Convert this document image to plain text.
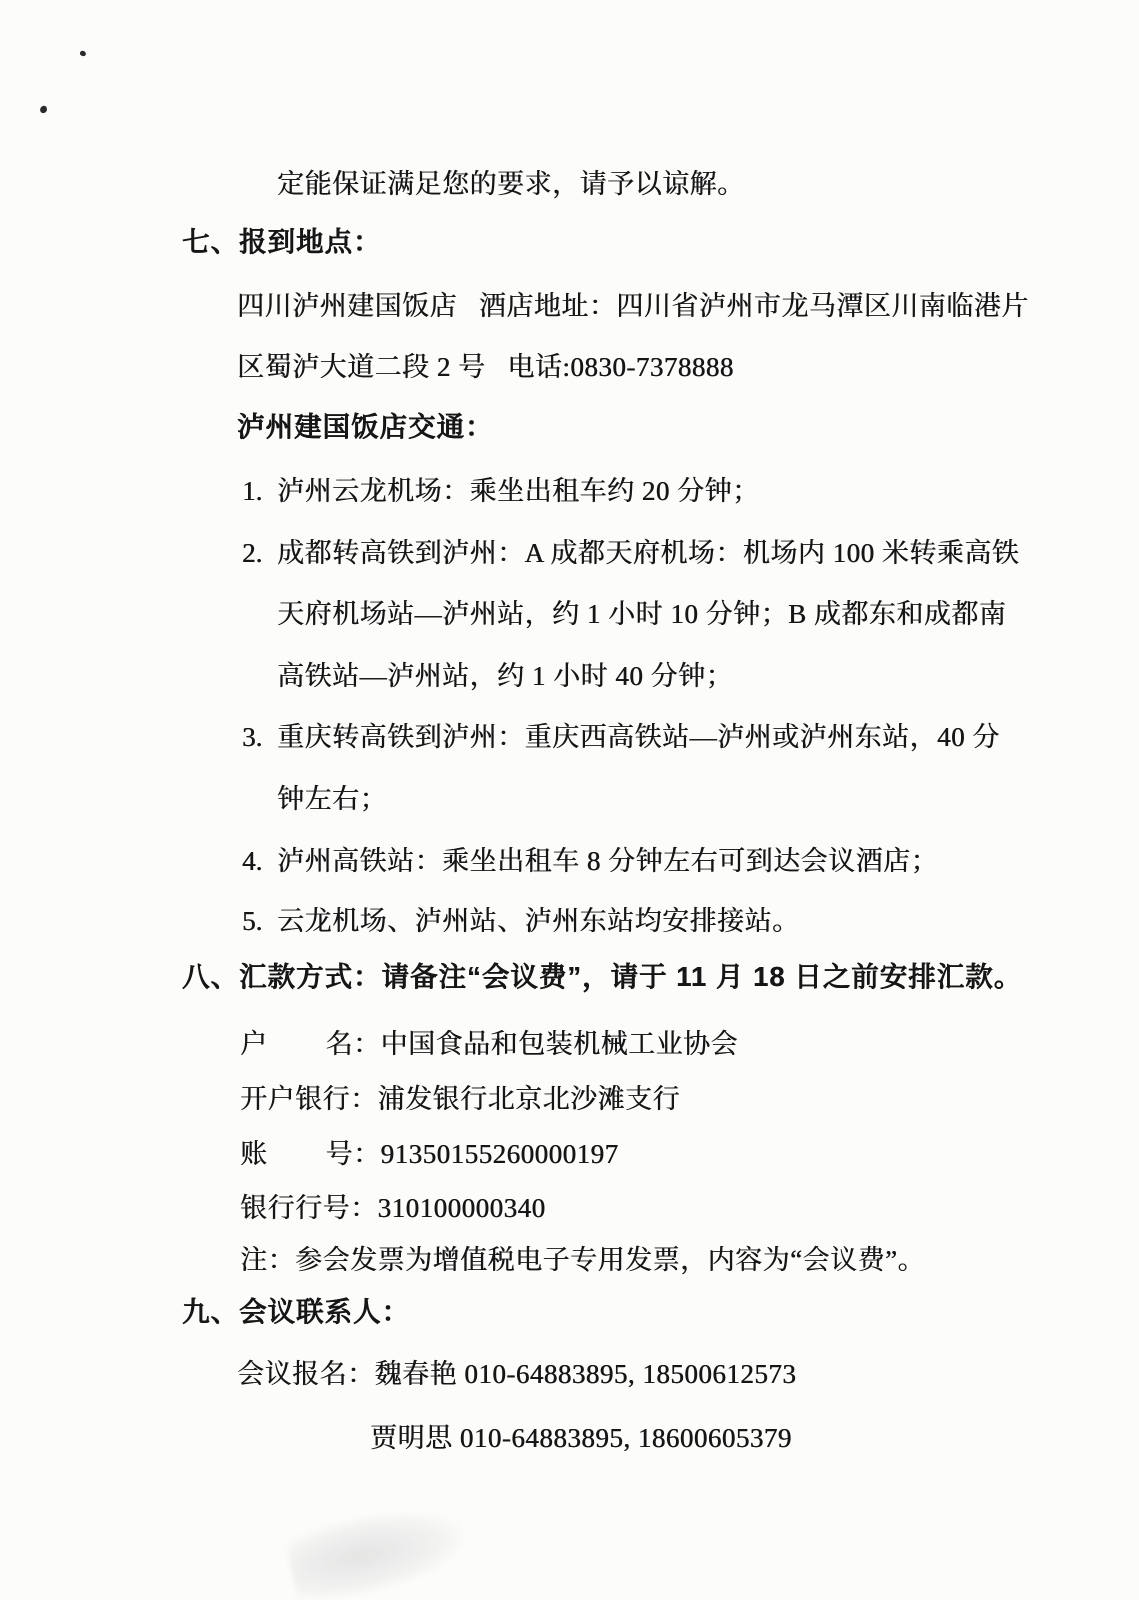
定能保证满足您的要求，请予以谅解。
七、报到地点：
四川泸州建国饭店   酒店地址：四川省泸州市龙马潭区川南临港片
区蜀泸大道二段 2 号   电话:0830-7378888
泸州建国饭店交通：
1. 泸州云龙机场：乘坐出租车约 20 分钟；
2. 成都转高铁到泸州：A 成都天府机场：机场内 100 米转乘高铁
天府机场站—泸州站，约 1 小时 10 分钟；B 成都东和成都南
高铁站—泸州站，约 1 小时 40 分钟；
3. 重庆转高铁到泸州：重庆西高铁站—泸州或泸州东站，40 分
钟左右；
4. 泸州高铁站：乘坐出租车 8 分钟左右可到达会议酒店；
5. 云龙机场、泸州站、泸州东站均安排接站。
八、汇款方式：请备注“会议费”，请于 11 月 18 日之前安排汇款。
户        名：中国食品和包装机械工业协会
开户银行：浦发银行北京北沙滩支行
账        号：91350155260000197
银行行号：310100000340
注：参会发票为增值税电子专用发票，内容为“会议费”。
九、会议联系人：
会议报名：魏春艳 010-64883895, 18500612573
贾明思 010-64883895, 18600605379
